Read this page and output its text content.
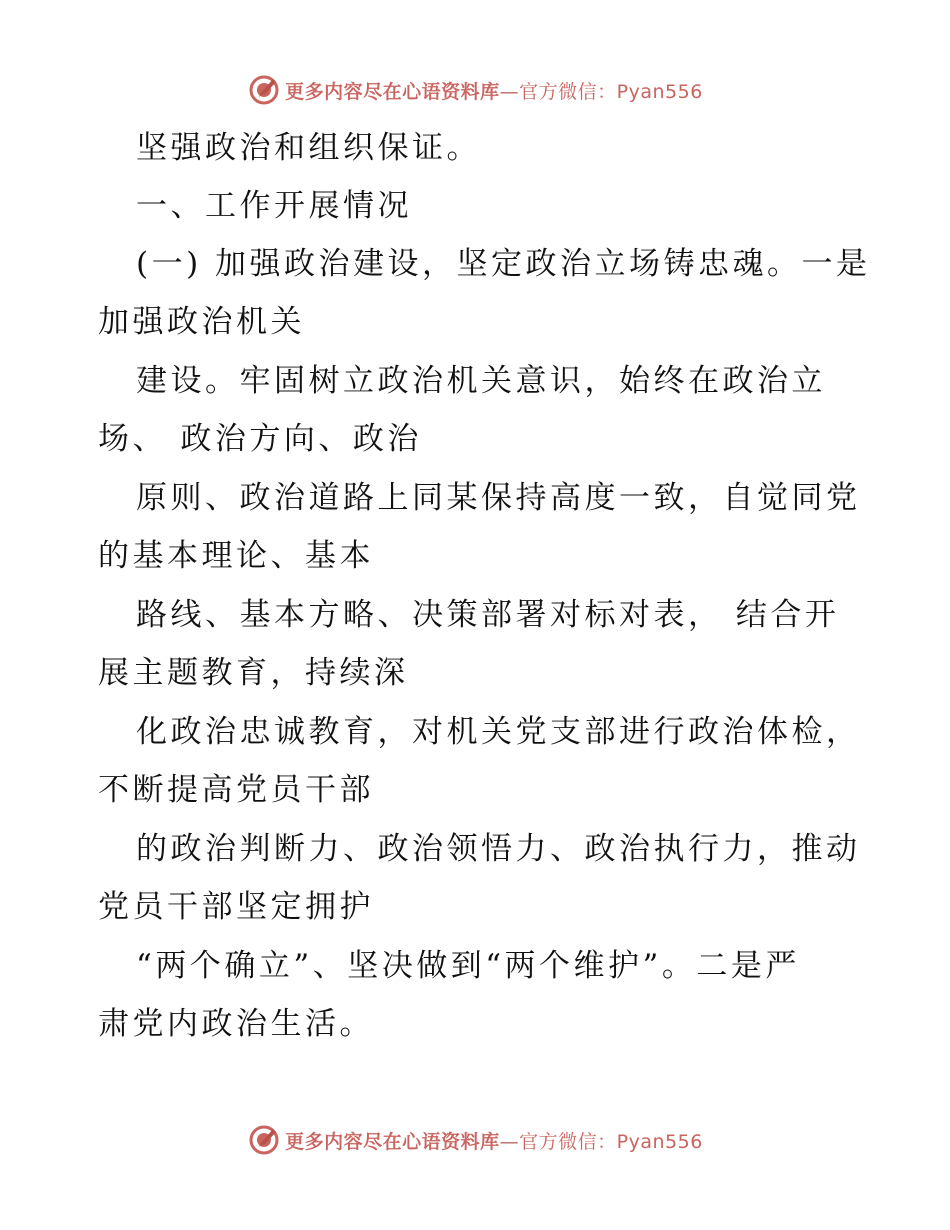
更多内容尽在心语资料库—官方微信：Pyan556
坚强政治和组织保证。
一、工作开展情况
(一) 加强政治建设，坚定政治立场铸忠魂。一是
加强政治机关
建设。牢固树立政治机关意识，始终在政治立
场、 政治方向、政治
原则、政治道路上同某保持高度一致，自觉同党
的基本理论、基本
路线、基本方略、决策部署对标对表， 结合开
展主题教育，持续深
化政治忠诚教育，对机关党支部进行政治体检，
不断提高党员干部
的政治判断力、政治领悟力、政治执行力，推动
党员干部坚定拥护
“两个确立”、坚决做到“两个维护”。二是严
肃党内政治生活。
更多内容尽在心语资料库—官方微信：Pyan556
